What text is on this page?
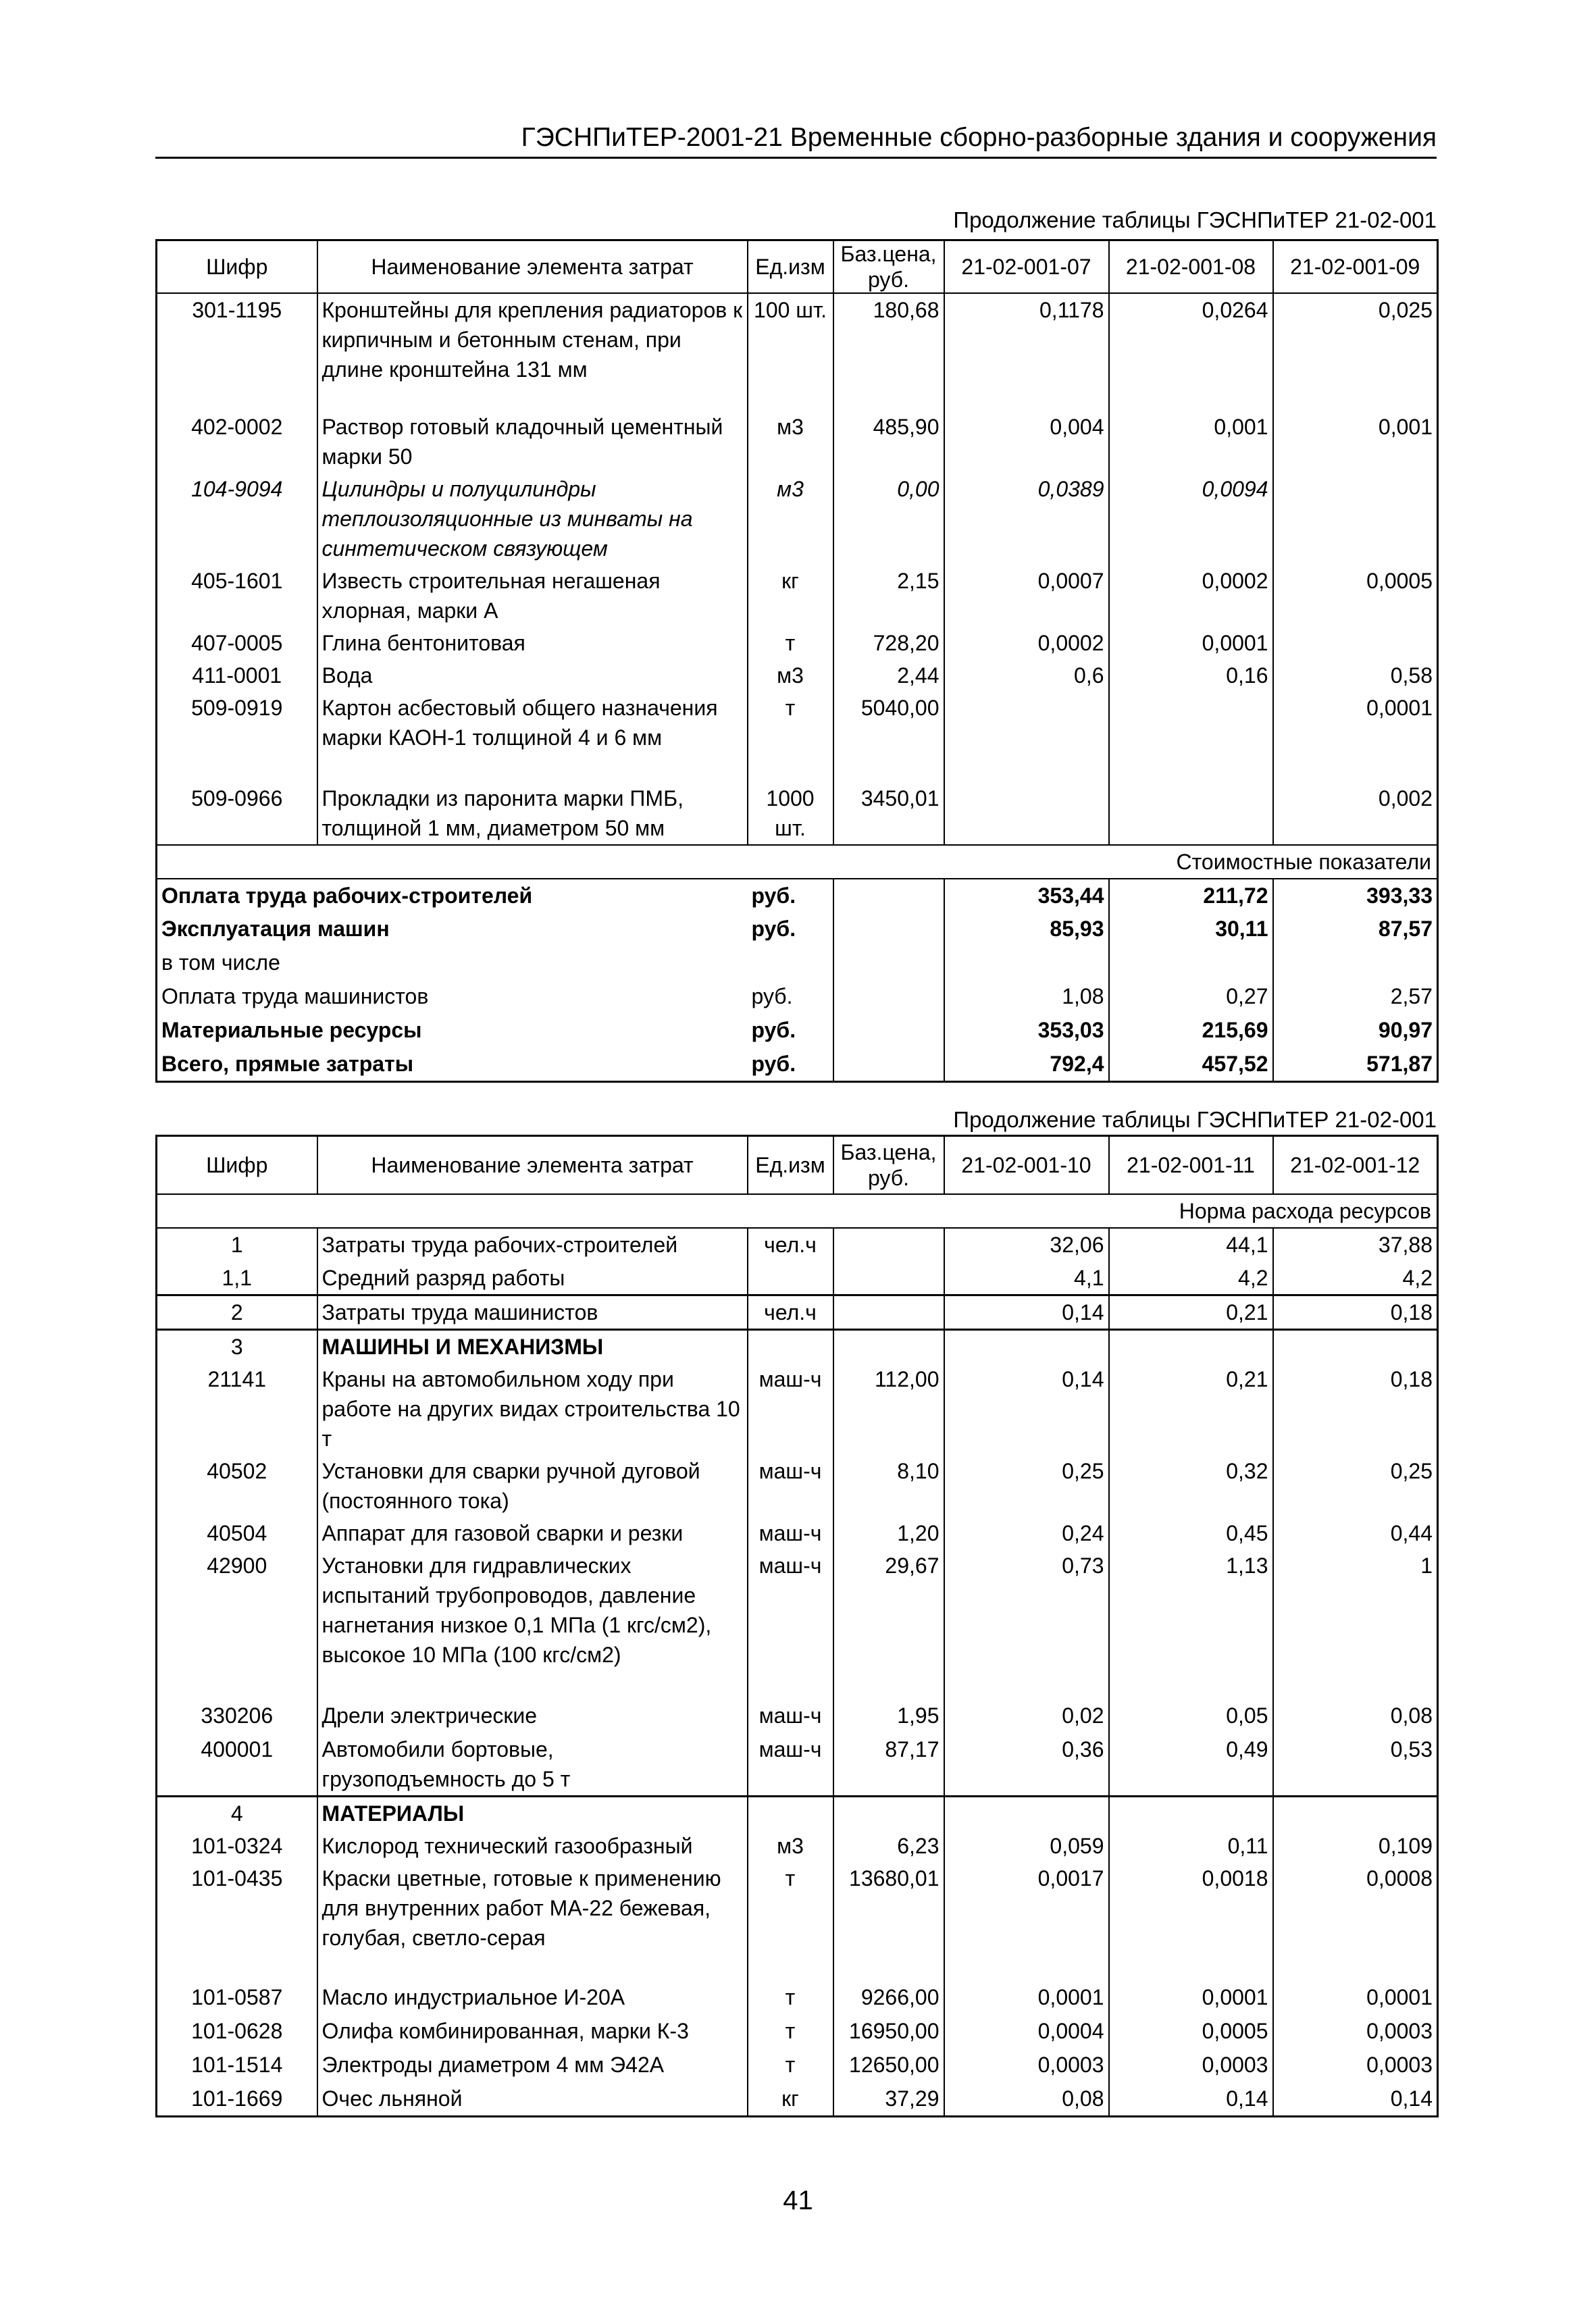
ГЭСНПиТЕР-2001-21 Временные сборно-разборные здания и сооружения
Продолжение таблицы ГЭСНПиТЕР 21-02-001
Шифр	Наименование элемента затрат	Ед.изм	Баз.цена, руб.	21-02-001-07	21-02-001-08	21-02-001-09
301-1195	Кронштейны для крепления радиаторов к кирпичным и бетонным стенам, при длине кронштейна 131 мм	100 шт.	180,68	0,1178	0,0264	0,025
402-0002	Раствор готовый кладочный цементный марки 50	м3	485,90	0,004	0,001	0,001
104-9094	Цилиндры и полуцилиндры теплоизоляционные из минваты на синтетическом связующем	м3	0,00	0,0389	0,0094	
405-1601	Известь строительная негашеная хлорная, марки А	кг	2,15	0,0007	0,0002	0,0005
407-0005	Глина бентонитовая	т	728,20	0,0002	0,0001	
411-0001	Вода	м3	2,44	0,6	0,16	0,58
509-0919	Картон асбестовый общего назначения марки КАОН-1 толщиной 4 и 6 мм	т	5040,00			0,0001
509-0966	Прокладки из паронита марки ПМБ, толщиной 1 мм, диаметром 50 мм	1000 шт.	3450,01			0,002
Стоимостные показатели						
Оплата труда рабочих-строителей		руб.		353,44	211,72	393,33
Эксплуатация машин		руб.		85,93	30,11	87,57
в том числе						
Оплата труда машинистов		руб.		1,08	0,27	2,57
Материальные ресурсы		руб.		353,03	215,69	90,97
Всего, прямые затраты		руб.		792,4	457,52	571,87
Продолжение таблицы ГЭСНПиТЕР 21-02-001
Шифр	Наименование элемента затрат	Ед.изм	Баз.цена, руб.	21-02-001-10	21-02-001-11	21-02-001-12
Норма расхода ресурсов						
1	Затраты труда рабочих-строителей	чел.ч		32,06	44,1	37,88
1,1	Средний разряд работы			4,1	4,2	4,2
2	Затраты труда машинистов	чел.ч		0,14	0,21	0,18
3	МАШИНЫ И МЕХАНИЗМЫ					
21141	Краны на автомобильном ходу при работе на других видах строительства 10 т	маш-ч	112,00	0,14	0,21	0,18
40502	Установки для сварки ручной дуговой (постоянного тока)	маш-ч	8,10	0,25	0,32	0,25
40504	Аппарат для газовой сварки и резки	маш-ч	1,20	0,24	0,45	0,44
42900	Установки для гидравлических испытаний трубопроводов, давление нагнетания низкое 0,1 МПа (1 кгс/см2), высокое 10 МПа (100 кгс/см2)	маш-ч	29,67	0,73	1,13	1
330206	Дрели электрические	маш-ч	1,95	0,02	0,05	0,08
400001	Автомобили бортовые, грузоподъемность до 5 т	маш-ч	87,17	0,36	0,49	0,53
4	МАТЕРИАЛЫ					
101-0324	Кислород технический газообразный	м3	6,23	0,059	0,11	0,109
101-0435	Краски цветные, готовые к применению для внутренних работ МА-22 бежевая, голубая, светло-серая	т	13680,01	0,0017	0,0018	0,0008
101-0587	Масло индустриальное И-20А	т	9266,00	0,0001	0,0001	0,0001
101-0628	Олифа комбинированная, марки К-3	т	16950,00	0,0004	0,0005	0,0003
101-1514	Электроды диаметром 4 мм Э42А	т	12650,00	0,0003	0,0003	0,0003
101-1669	Очес льняной	кг	37,29	0,08	0,14	0,14
41
